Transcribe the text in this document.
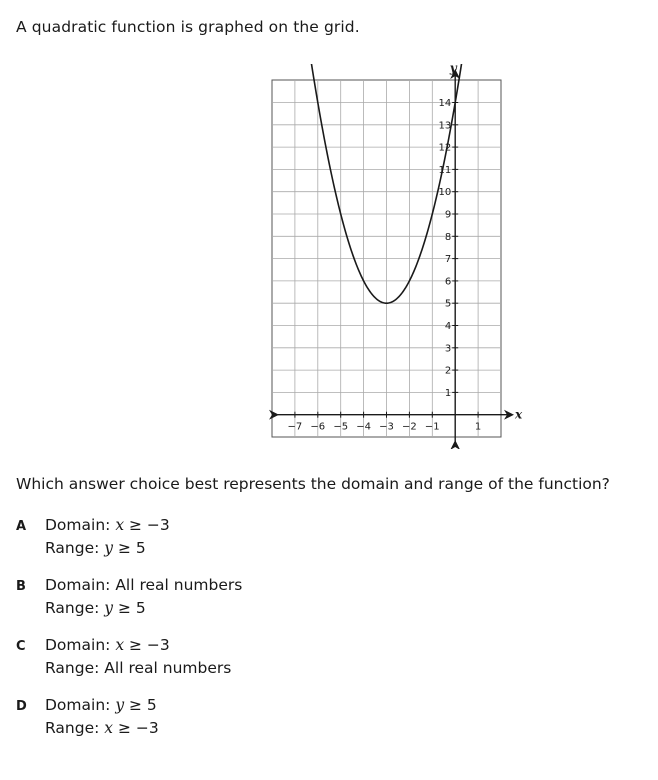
A quadratic function is graphed on the grid.
−7 −6 −5 −4 −3 −2 −1	1
1
2
3
4
5
6
7
8
9
10
11
12
13
14
x
y
Which answer choice best represents the domain and range of the function?
A Domain: x ≥ −3
Range: y ≥ 5
B Domain: All real numbers
Range: y ≥ 5
C Domain: x ≥ −3
Range: All real numbers
D Domain: y ≥ 5
Range: x ≥ −3
